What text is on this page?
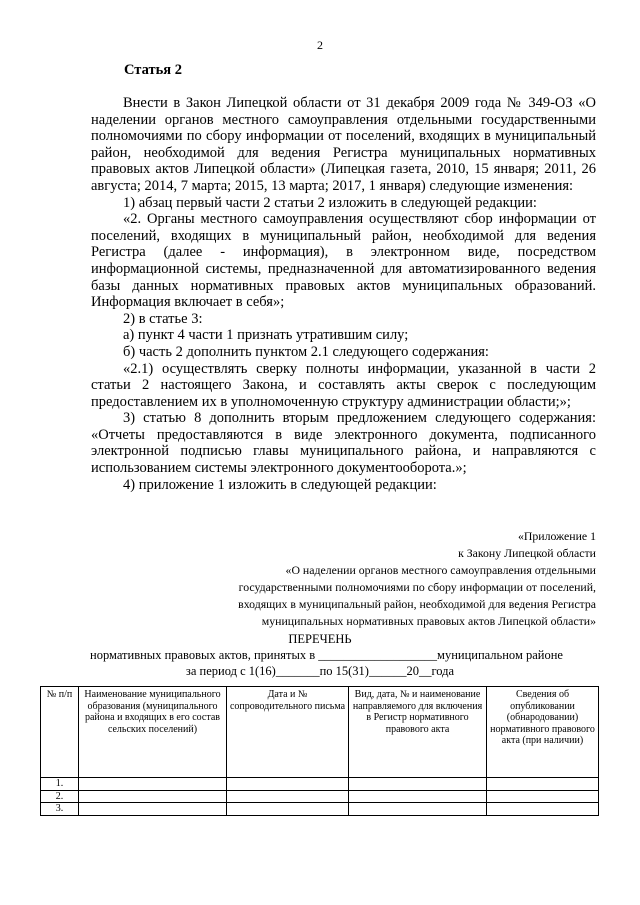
2
Статья 2

Внести в Закон Липецкой области от 31 декабря 2009 года № 349-ОЗ «О наделении органов местного самоуправления отдельными государственными полномочиями по сбору информации от поселений, входящих в муниципальный район, необходимой для ведения Регистра муниципальных нормативных правовых актов Липецкой области» (Липецкая газета, 2010, 15 января; 2011, 26 августа; 2014, 7 марта; 2015, 13 марта; 2017, 1 января) следующие изменения:

1) абзац первый части 2 статьи 2 изложить в следующей редакции:

«2. Органы местного самоуправления осуществляют сбор информации от поселений, входящих в муниципальный район, необходимой для ведения Регистра (далее - информация), в электронном виде, посредством информационной системы, предназначенной для автоматизированного ведения базы данных нормативных правовых актов муниципальных образований. Информация включает в себя»;

2) в статье 3:

а) пункт 4 части 1 признать утратившим силу;

б) часть 2 дополнить пунктом 2.1 следующего содержания:

«2.1) осуществлять сверку полноты информации, указанной в части 2 статьи 2 настоящего Закона, и составлять акты сверок с последующим предоставлением их в уполномоченную структуру администрации области;»;

3) статью 8 дополнить вторым предложением следующего содержания: «Отчеты предоставляются в виде электронного документа, подписанного электронной подписью главы муниципального района, и направляются с использованием системы электронного документооборота.»;

4) приложение 1 изложить в следующей редакции:

«Приложение 1
к Закону Липецкой области
«О наделении органов местного самоуправления отдельными
государственными полномочиями по сбору информации от поселений,
входящих в муниципальный район, необходимой для ведения Регистра
муниципальных нормативных правовых актов Липецкой области»
ПЕРЕЧЕНЬ
нормативных правовых актов, принятых в ___________________муниципальном районе
за период с 1(16)_______по 15(31)______20__года
№ п/п	Наименование муниципального образования (муниципального района и входящих в его состав сельских поселений)	Дата и № сопроводительного письма	Вид, дата, № и наименование направляемого для включения в Регистр нормативного правового акта	Сведения об опубликовании (обнародовании) нормативного правового акта (при наличии)
1.				
2.				
3.				
